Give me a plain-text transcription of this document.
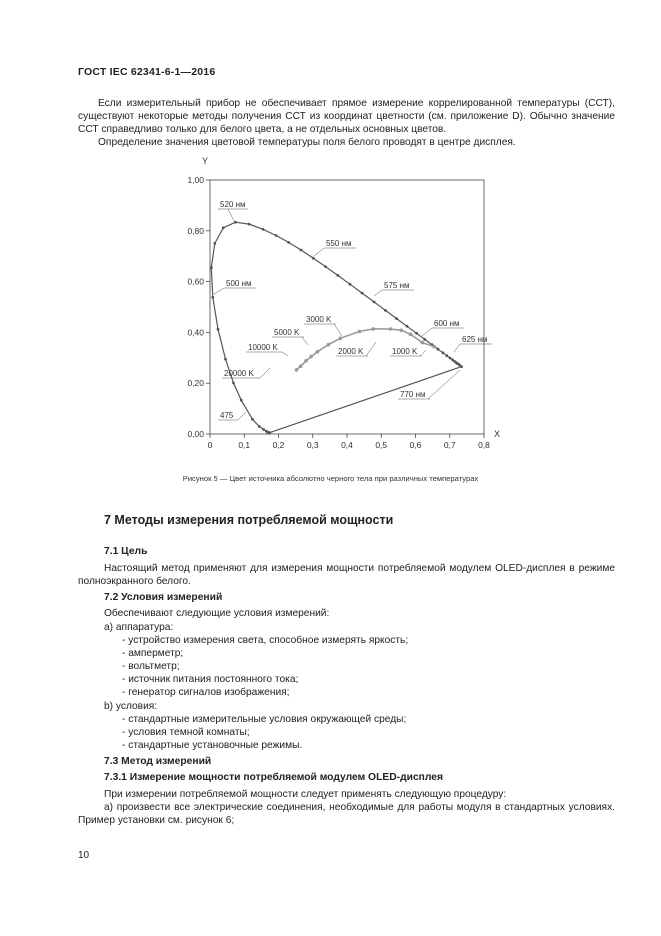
ГОСТ IEC 62341-6-1—2016
Если измерительный прибор не обеспечивает прямое измерение коррелированной температуры (ССТ), существуют некоторые методы получения ССТ из координат цветности (см. приложение D). Обычно значение ССТ справедливо только для белого цвета, а не отдельных основных цветов.
Определение значения цветовой температуры поля белого проводят в центре дисплея.
0,00
0,20
0,40
0,60
0,80
1,00
0	0,1	0,2	0,3	0,4	0,5	0,6	0,7	0,8
Y
X
520 нм
550 нм
575 нм
500 нм
600 нм
625 нм
3000 K
5000 K
10000 K	2000 K	1000 K
20000 K
770 нм
475
Рисунок 5 — Цвет источника абсолютно черного тела при различных температурах
7 Методы измерения потребляемой мощности
7.1 Цель
Настоящий метод применяют для измерения мощности потребляемой модулем OLED-дисплея в режиме полноэкранного белого.
7.2 Условия измерений
Обеспечивают следующие условия измерений:
a) аппаратура:
- устройство измерения света, способное измерять яркость;
- амперметр;
- вольтметр;
- источник питания постоянного тока;
- генератор сигналов изображения;
b) условия:
- стандартные измерительные условия окружающей среды;
- условия темной комнаты;
- стандартные установочные режимы.
7.3 Метод измерений
7.3.1 Измерение мощности потребляемой модулем OLED-дисплея
При измерении потребляемой мощности следует применять следующую процедуру:
a) произвести все электрические соединения, необходимые для работы модуля в стандартных условиях. Пример установки см. рисунок 6;
10
